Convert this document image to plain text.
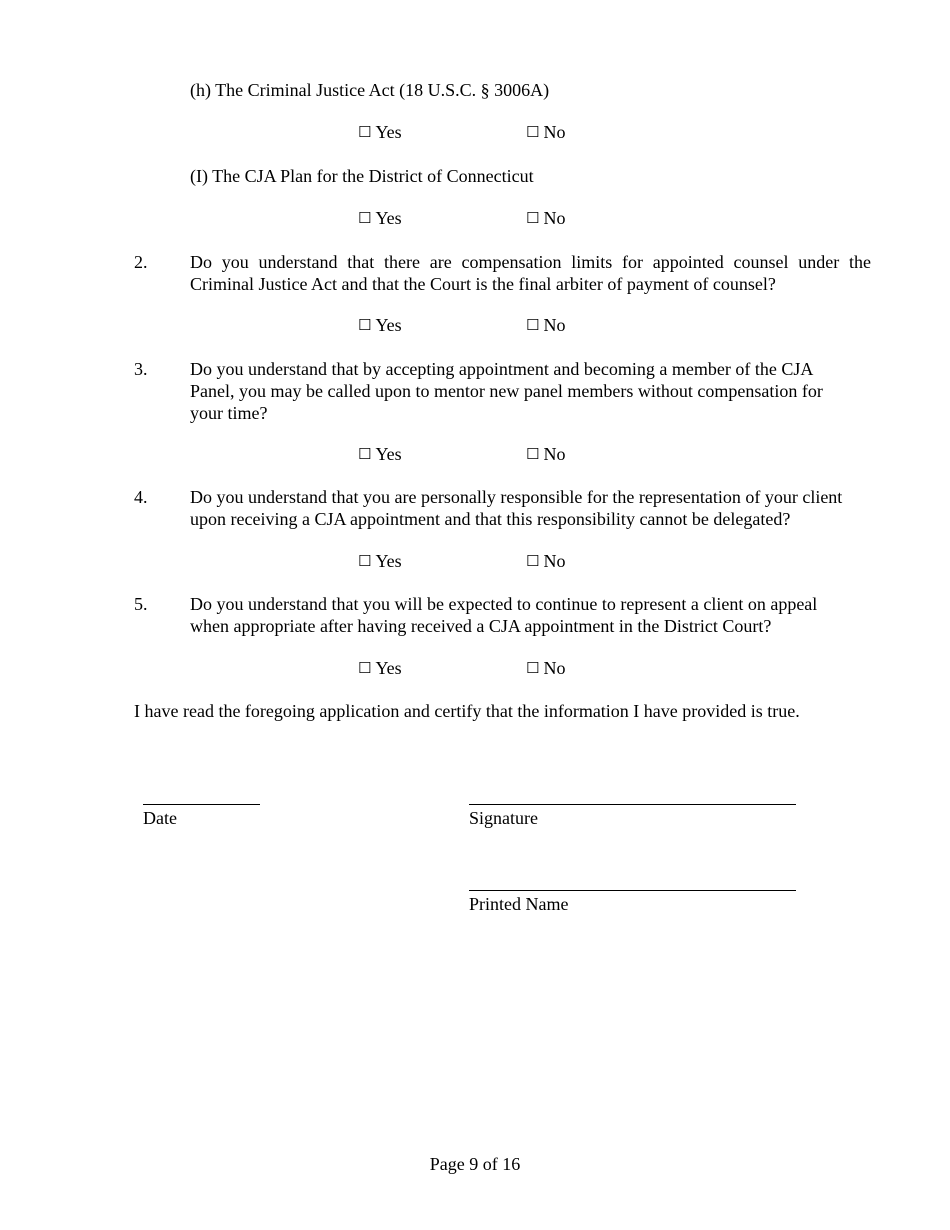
(h) The Criminal Justice Act (18 U.S.C. § 3006A)
☐ Yes	☐ No
(I) The CJA Plan for the District of Connecticut
☐ Yes	☐ No
2. Do you understand that there are compensation limits for appointed counsel under the Criminal Justice Act and that the Court is the final arbiter of payment of counsel?
☐ Yes	☐ No
3. Do you understand that by accepting appointment and becoming a member of the CJA Panel, you may be called upon to mentor new panel members without compensation for your time?
☐ Yes	☐ No
4. Do you understand that you are personally responsible for the representation of your client upon receiving a CJA appointment and that this responsibility cannot be delegated?
☐ Yes	☐ No
5. Do you understand that you will be expected to continue to represent a client on appeal when appropriate after having received a CJA appointment in the District Court?
☐ Yes	☐ No
I have read the foregoing application and certify that the information I have provided is true.
Date	Signature
Printed Name
Page 9 of 16
